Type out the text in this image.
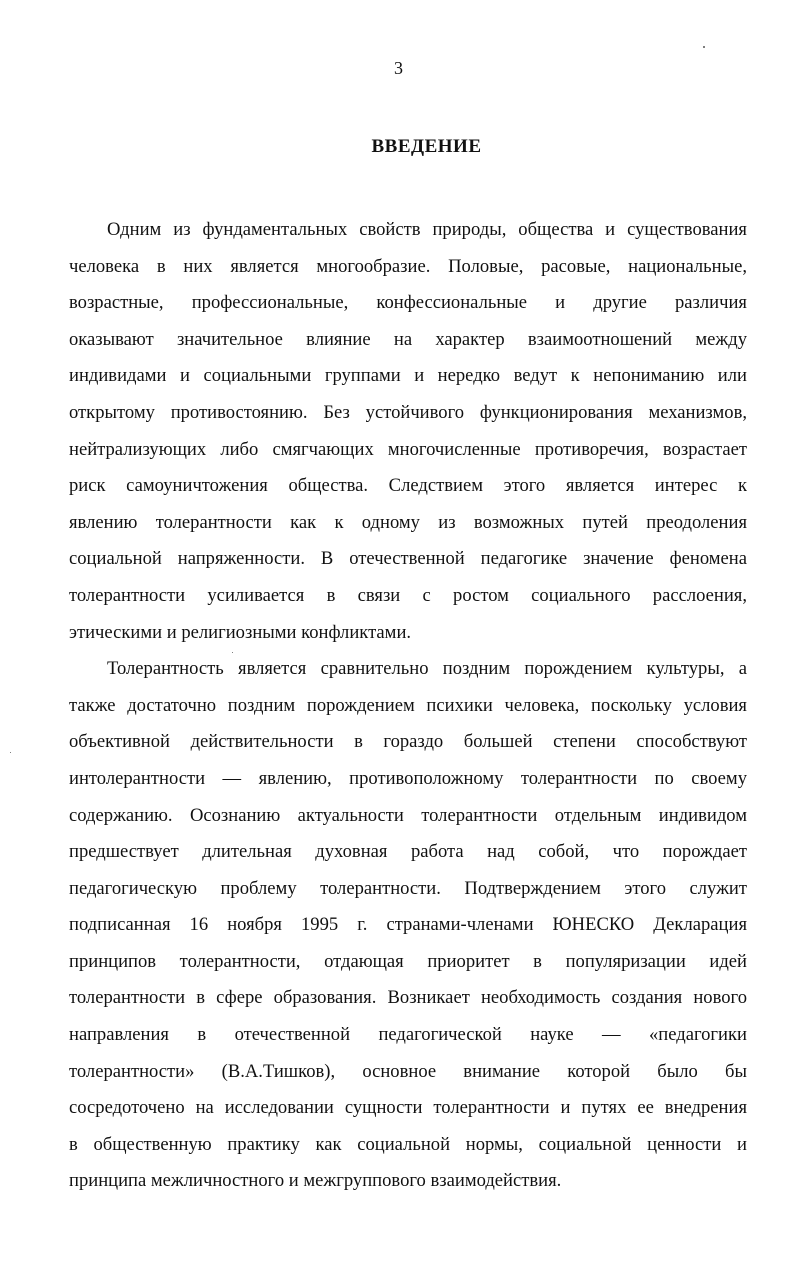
3
ВВЕДЕНИЕ
Одним из фундаментальных свойств природы, общества и существования
человека в них является многообразие. Половые, расовые, национальные,
возрастные, профессиональные, конфессиональные и другие различия
оказывают значительное влияние на характер взаимоотношений между
индивидами и социальными группами и нередко ведут к непониманию или
открытому противостоянию. Без устойчивого функционирования механизмов,
нейтрализующих либо смягчающих многочисленные противоречия, возрастает
риск самоуничтожения общества. Следствием этого является интерес к
явлению толерантности как к одному из возможных путей преодоления
социальной напряженности. В отечественной педагогике значение феномена
толерантности усиливается в связи с ростом социального расслоения,
этическими и религиозными конфликтами.
Толерантность является сравнительно поздним порождением культуры, а
также достаточно поздним порождением психики человека, поскольку условия
объективной действительности в гораздо большей степени способствуют
интолерантности — явлению, противоположному толерантности по своему
содержанию. Осознанию актуальности толерантности отдельным индивидом
предшествует длительная духовная работа над собой, что порождает
педагогическую проблему толерантности. Подтверждением этого служит
подписанная 16 ноября 1995 г. странами-членами ЮНЕСКО Декларация
принципов толерантности, отдающая приоритет в популяризации идей
толерантности в сфере образования. Возникает необходимость создания нового
направления в отечественной педагогической науке — «педагогики
толерантности» (В.А.Тишков), основное внимание которой было бы
сосредоточено на исследовании сущности толерантности и путях ее внедрения
в общественную практику как социальной нормы, социальной ценности и
принципа межличностного и межгруппового взаимодействия.
